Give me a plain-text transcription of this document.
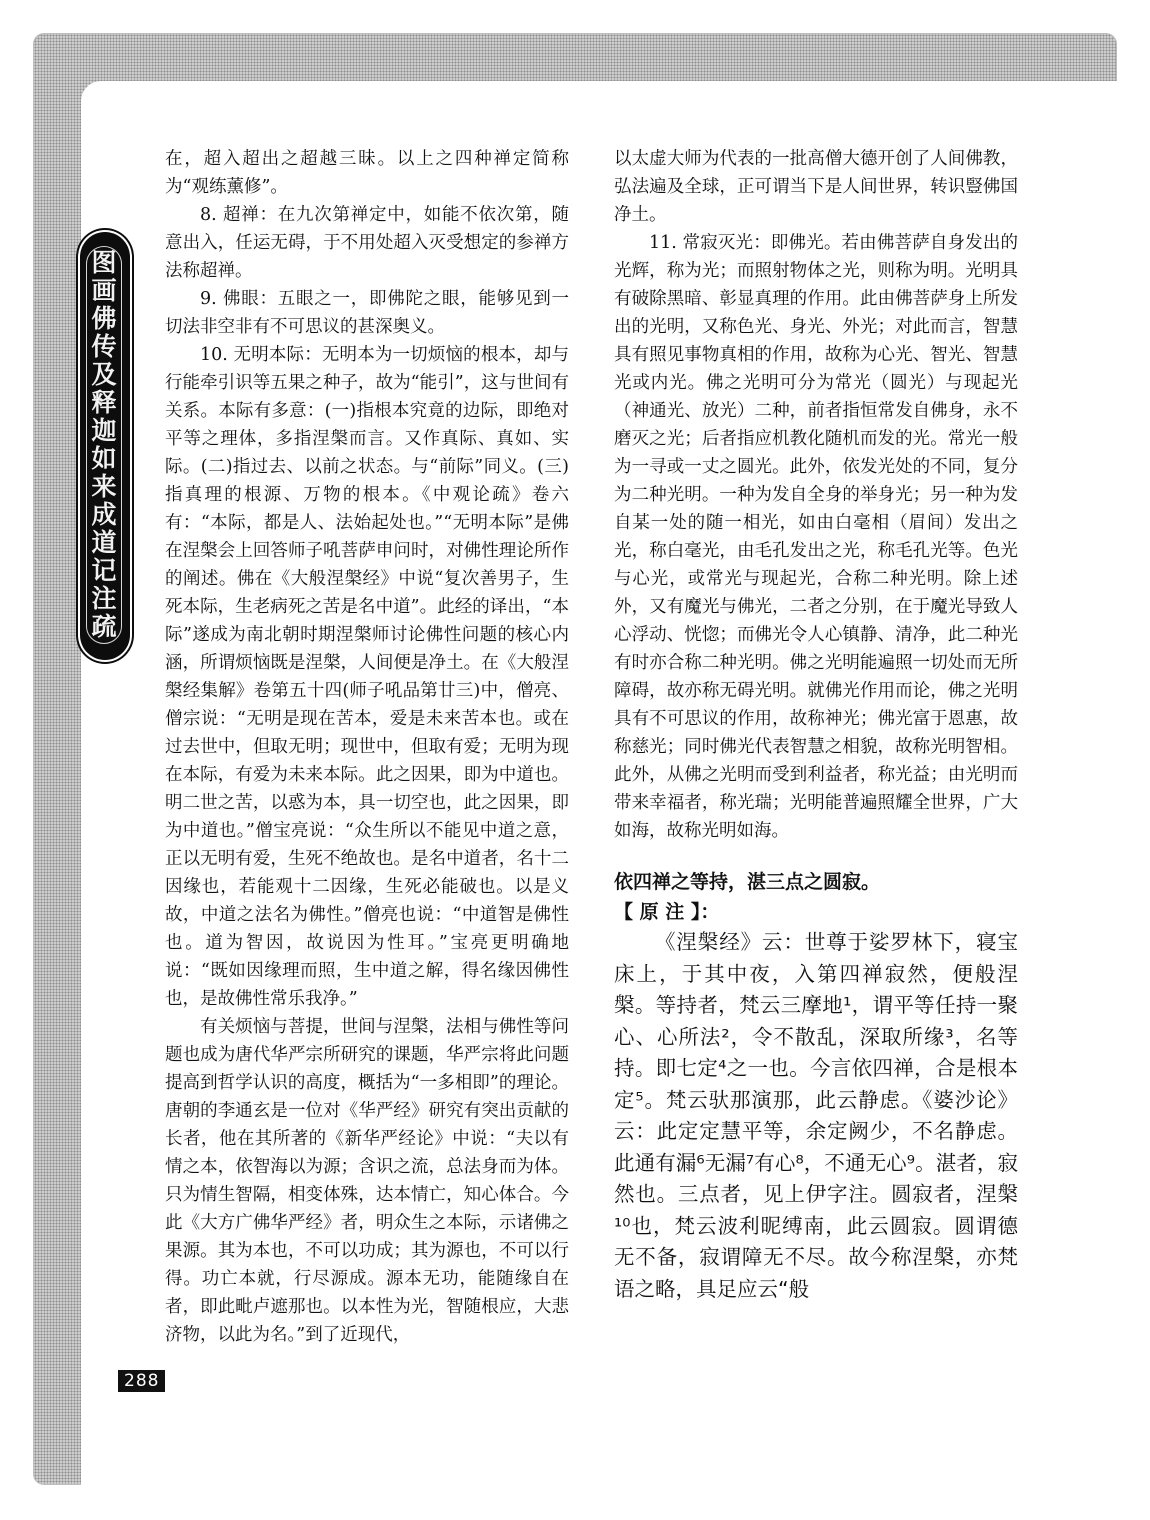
图
画
佛
传
及
释
迦
如
来
成
道
记
注
疏

在，超入超出之超越三昧。以上之四种禅定简称为“观练薰修”。

8. 超禅：在九次第禅定中，如能不依次第，随意出入，任运无碍，于不用处超入灭受想定的参禅方法称超禅。

9. 佛眼：五眼之一，即佛陀之眼，能够见到一切法非空非有不可思议的甚深奥义。

10. 无明本际：无明本为一切烦恼的根本，却与行能牵引识等五果之种子，故为“能引”，这与世间有关系。本际有多意：(一)指根本究竟的边际，即绝对平等之理体，多指涅槃而言。又作真际、真如、实际。(二)指过去、以前之状态。与“前际”同义。(三)指真理的根源、万物的根本。《中观论疏》卷六有：“本际，都是人、法始起处也。”“无明本际”是佛在涅槃会上回答师子吼菩萨申问时，对佛性理论所作的阐述。佛在《大般涅槃经》中说“复次善男子，生死本际，生老病死之苦是名中道”。此经的译出，“本际”遂成为南北朝时期涅槃师讨论佛性问题的核心内涵，所谓烦恼既是涅槃，人间便是净土。在《大般涅槃经集解》卷第五十四(师子吼品第廿三)中，僧亮、僧宗说：“无明是现在苦本，爱是未来苦本也。或在过去世中，但取无明；现世中，但取有爱；无明为现在本际，有爱为未来本际。此之因果，即为中道也。明二世之苦，以惑为本，具一切空也，此之因果，即为中道也。”僧宝亮说：“众生所以不能见中道之意，正以无明有爱，生死不绝故也。是名中道者，名十二因缘也，若能观十二因缘，生死必能破也。以是义故，中道之法名为佛性。”僧亮也说：“中道智是佛性也。道为智因，故说因为性耳。”宝亮更明确地说：“既如因缘理而照，生中道之解，得名缘因佛性也，是故佛性常乐我净。”

有关烦恼与菩提，世间与涅槃，法相与佛性等问题也成为唐代华严宗所研究的课题，华严宗将此问题提高到哲学认识的高度，概括为“一多相即”的理论。唐朝的李通玄是一位对《华严经》研究有突出贡献的长者，他在其所著的《新华严经论》中说：“夫以有情之本，依智海以为源；含识之流，总法身而为体。只为情生智隔，相变体殊，达本情亡，知心体合。今此《大方广佛华严经》者，明众生之本际，示诸佛之果源。其为本也，不可以功成；其为源也，不可以行得。功亡本就，行尽源成。源本无功，能随缘自在者，即此毗卢遮那也。以本性为光，智随根应，大悲济物，以此为名。”到了近现代，

以太虚大师为代表的一批高僧大德开创了人间佛教，弘法遍及全球，正可谓当下是人间世界，转识豎佛国净土。

11. 常寂灭光：即佛光。若由佛菩萨自身发出的光辉，称为光；而照射物体之光，则称为明。光明具有破除黑暗、彰显真理的作用。此由佛菩萨身上所发出的光明，又称色光、身光、外光；对此而言，智慧具有照见事物真相的作用，故称为心光、智光、智慧光或内光。佛之光明可分为常光（圆光）与现起光（神通光、放光）二种，前者指恒常发自佛身，永不磨灭之光；后者指应机教化随机而发的光。常光一般为一寻或一丈之圆光。此外，依发光处的不同，复分为二种光明。一种为发自全身的举身光；另一种为发自某一处的随一相光，如由白毫相（眉间）发出之光，称白毫光，由毛孔发出之光，称毛孔光等。色光与心光，或常光与现起光，合称二种光明。除上述外，又有魔光与佛光，二者之分别，在于魔光导致人心浮动、恍惚；而佛光令人心镇静、清净，此二种光有时亦合称二种光明。佛之光明能遍照一切处而无所障碍，故亦称无碍光明。就佛光作用而论，佛之光明具有不可思议的作用，故称神光；佛光富于恩惠，故称慈光；同时佛光代表智慧之相貌，故称光明智相。此外，从佛之光明而受到利益者，称光益；由光明而带来幸福者，称光瑞；光明能普遍照耀全世界，广大如海，故称光明如海。

依四禅之等持，湛三点之圆寂。

【 原 注 】：

《涅槃经》云：世尊于娑罗林下，寝宝床上，于其中夜，入第四禅寂然，便般涅槃。等持者，梵云三摩地¹，谓平等任持一聚心、心所法²，令不散乱，深取所缘³，名等持。即七定⁴之一也。今言依四禅，合是根本定⁵。梵云驮那演那，此云静虑。《婆沙论》云：此定定慧平等，余定阙少，不名静虑。此通有漏⁶无漏⁷有心⁸，不通无心⁹。湛者，寂然也。三点者，见上伊字注。圆寂者，涅槃¹⁰也，梵云波利昵缚南，此云圆寂。圆谓德无不备，寂谓障无不尽。故今称涅槃，亦梵语之略，具足应云“般

288
